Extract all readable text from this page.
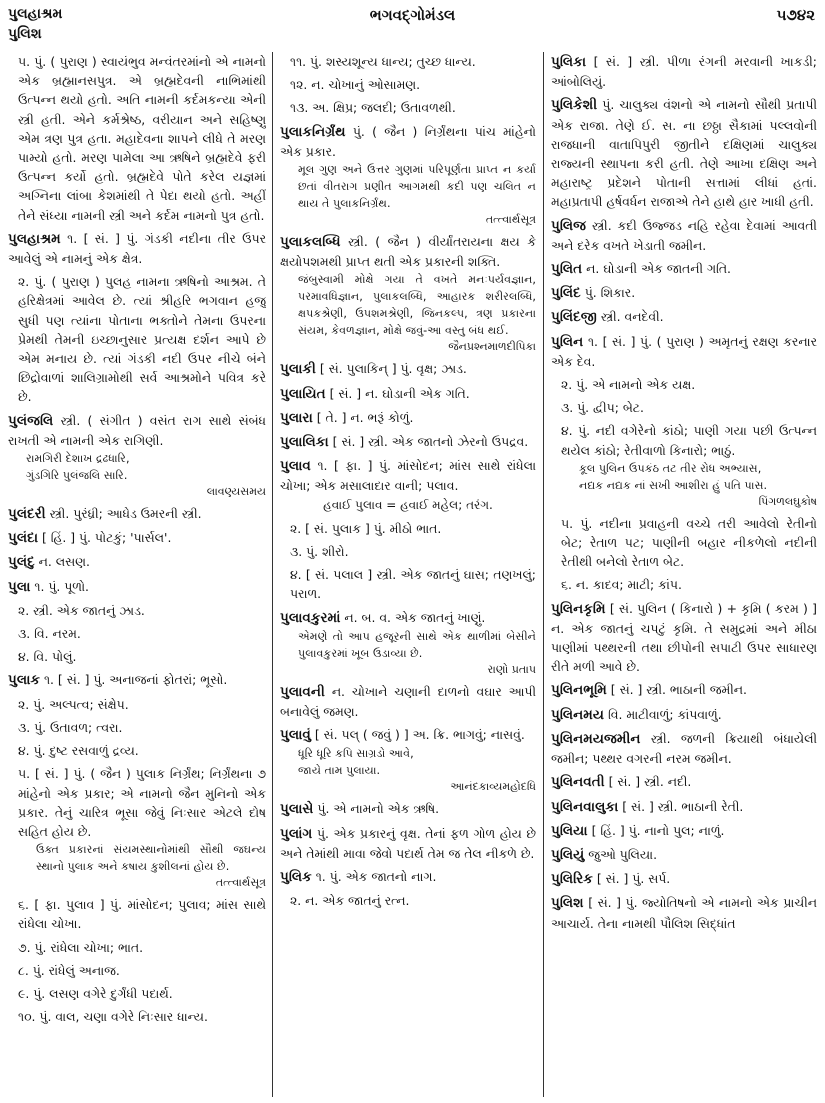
પુલહાશ્રમ
પુલિશ
ભગવદ્ગોમંડલ	૫૭૪૨
૫. પું. ( પુરાણ ) સ્વાયંભુવ મન્વંતરમાંનો એ નામનો એક બ્રહ્માનસપુત્ર. એ બ્રહ્મદેવની નાભિમાંથી ઉત્પન્ન થયો હતો. અતિ નામની કર્દમકન્યા એની સ્ત્રી હતી. એને કર્મશ્રેષ્ઠ, વરીયાન અને સહિષ્ણુ એમ ત્રણ પુત્ર હતા. મહાદેવના શાપને લીધે તે મરણ પામ્યો હતો. મરણ પામેલા આ ઋષિને બ્રહ્મદેવે ફરી ઉત્પન્ન કર્યો હતો. બ્રહ્મદેવે પોતે કરેલ યજ્ઞમાં અગ્નિના લાંબા કેશમાંથી તે પેદા થયો હતો. અહીં તેને સંધ્યા નામની સ્ત્રી અને કર્દમ નામનો પુત્ર હતો.
પુલહાશ્રમ ૧. [ સં. ] પું. ગંડકી નદીના તીર ઉપર આવેલું એ નામનું એક ક્ષેત્ર.
૨. પું. ( પુરાણ ) પુલહ નામના ઋષિનો આશ્રમ. તે હરિક્ષેત્રમાં આવેલ છે. ત્યાં શ્રીહરિ ભગવાન હજુ સુધી પણ ત્યાંના પોતાના ભક્તોને તેમના ઉપરના પ્રેમથી તેમની ઇચ્છાનુસાર પ્રત્યક્ષ દર્શન આપે છે એમ મનાય છે. ત્યાં ગંડકી નદી ઉપર નીચે બંને છિદ્રોવાળાં શાલિગ્રામોથી સર્વ આશ્રમોને પવિત્ર કરે છે.
પુલંજલિ સ્ત્રી. ( સંગીત ) વસંત રાગ સાથે સંબંધ રાખતી એ નામની એક રાગિણી.
રામગિરી દેશાખ દ્રઢધારિ,
ગુંડગિરિ પુલંજલિ સારિ.
લાવણ્યસમય
પુલંદરી સ્ત્રી. પુરંધ્રી; આધેડ ઉમરની સ્ત્રી.
પુલંદા [ હિં. ] પું. પોટકું; 'પાર્સલ'.
પુલંદુ ન. લસણ.
પુલા ૧. પું. પૂળો.
૨. સ્ત્રી. એક જાતનું ઝાડ.
૩. વિ. નરમ.
૪. વિ. પોલું.
પુલાક ૧. [ સં. ] પું. અનાજનાં ફોતરાં; ભૂસો.
૨. પું. અલ્પત્વ; સંક્ષેપ.
૩. પું. ઉતાવળ; ત્વરા.
૪. પું. દુષ્ટ રસવાળું દ્રવ્ય.
૫. [ સં. ] પું. ( જૈન ) પુલાક નિર્ગ્રંથ; નિર્ગ્રંથના ૭ માંહેનો એક પ્રકાર; એ નામનો જૈન મુનિનો એક પ્રકાર. તેનું ચારિત્ર ભૂસા જેવું નિઃસાર એટલે દોષ સહિત હોય છે.
ઉક્ત પ્રકારનાં સંયમસ્થાનોમાંથી સૌથી જઘન્ય સ્થાનો પુલાક અને કષાય કુશીલનાં હોય છે.
તત્ત્વાર્થસૂત્ર
૬. [ ફા. પુલાવ ] પું. માંસોદન; પુલાવ; માંસ સાથે રાંધેલા ચોખા.
૭. પું. રાંધેલા ચોખા; ભાત.
૮. પું. રાંધેલું અનાજ.
૯. પું. લસણ વગેરે દુર્ગંધી પદાર્થ.
૧૦. પું. વાલ, ચણા વગેરે નિઃસાર ધાન્ય.
૧૧. પું. શસ્યશૂન્ય ધાન્ય; તુચ્છ ધાન્ય.
૧૨. ન. ચોખાનું ઓસામણ.
૧૩. અ. ક્ષિપ્ર; જલદી; ઉતાવળથી.
પુલાકનિર્ગ્રંથ પું. ( જૈન ) નિર્ગ્રંથના પાંચ માંહેનો એક પ્રકાર.
મૂલ ગુણ અને ઉત્તર ગુણમાં પરિપૂર્ણતા પ્રાપ્ત ન કર્યા છતાં વીતરાગ પ્રણીત આગમથી કદી પણ ચલિત ન થાય તે પુલાકનિર્ગ્રંથ.
તત્ત્વાર્થસૂત્ર
પુલાકલબ્ધિ સ્ત્રી. ( જૈન ) વીર્યાંતરાયના ક્ષય કે ક્ષયોપશમથી પ્રાપ્ત થતી એક પ્રકારની શક્તિ.
જંબુસ્વામી મોક્ષે ગયા તે વખતે મનઃપર્યવજ્ઞાન, પરમાવધિજ્ઞાન, પુલાકલબ્ધિ, આહારક શરીરલબ્ધિ, ક્ષપકશ્રેણી, ઉપશમશ્રેણી, જિનકલ્પ, ત્રણ પ્રકારના સંયમ, કેવળજ્ઞાન, મોક્ષે જવું-આ વસ્તુ બંધ થઈ.
જૈનપ્રશ્નમાળદીપિકા
પુલાકી [ સં. પુલાકિન્ ] પું. વૃક્ષ; ઝાડ.
પુલાયિત [ સં. ] ન. ઘોડાની એક ગતિ.
પુલારા [ તે. ] ન. ભરૂં કોળું.
પુલાલિકા [ સં. ] સ્ત્રી. એક જાતનો ઝેરનો ઉપદ્રવ.
પુલાવ ૧. [ ફા. ] પું. માંસોદન; માંસ સાથે રાંધેલા ચોખા; એક મસાલાદાર વાની; પલાવ.
હવાઈ પુલાવ = હવાઈ મહેલ; તરંગ.
૨. [ સં. પુલાક ] પું. મીઠો ભાત.
૩. પું. શીરો.
૪. [ સં. પલાલ ] સ્ત્રી. એક જાતનું ઘાસ; તણખલું; પરાળ.
પુલાવકુરમાં ન. બ. વ. એક જાતનું ખાણું.
એમણે તો આપ હજૂરની સાથે એક થાળીમાં બેસીને પુલાવકુરમાં ખૂબ ઉડાવ્યા છે.
રાણો પ્રતાપ
પુલાવની ન. ચોખાને ચણાની દાળનો વઘાર આપી બનાવેલું જમણ.
પુલાવું [ સં. પલ્ ( જવું ) ] અ. ક્રિ. ભાગવું; નાસવું.
ધૂરિ ધૂરિ કપિ સાગ્રડો આવે,
જાયે તામ પુલાયા.
આનંદકાવ્યમહોદધિ
પુલાસે પું. એ નામનો એક ઋષિ.
પુલાંગ પું. એક પ્રકારનું વૃક્ષ. તેનાં ફળ ગોળ હોય છે અને તેમાંથી માવા જેવો પદાર્થ તેમ જ તેલ નીકળે છે.
પુલિક ૧. પું. એક જાતનો નાગ.
૨. ન. એક જાતનું રત્ન.
પુલિકા [ સં. ] સ્ત્રી. પીળા રંગની મરવાની ખાકડી; આંબોલિયું.
પુલિકેશી પું. ચાલુક્ય વંશનો એ નામનો સૌથી પ્રતાપી એક રાજા. તેણે ઈ. સ. ના છઠ્ઠા સૈકામાં પલ્લવોની રાજધાની વાતાપિપુરી જીતીને દક્ષિણમાં ચાલુક્ય રાજ્યની સ્થાપના કરી હતી. તેણે આખા દક્ષિણ અને મહારાષ્ટ્ર પ્રદેશને પોતાની સત્તામાં લીધાં હતાં. મહાપ્રતાપી હર્ષવર્ધન રાજાએ તેને હાથે હાર ખાધી હતી.
પુલિજ સ્ત્રી. કદી ઉજ્જડ નહિ રહેવા દેવામાં આવતી અને દરેક વખતે ખેડાતી જમીન.
પુલિત ન. ઘોડાની એક જાતની ગતિ.
પુલિંદ પું. શિકાર.
પુલિંદજી સ્ત્રી. વનદેવી.
પુલિન ૧. [ સં. ] પું. ( પુરાણ ) અમૃતનું રક્ષણ કરનાર એક દેવ.
૨. પું. એ નામનો એક યક્ષ.
૩. પું. દ્વીપ; બેટ.
૪. પું. નદી વગેરેનો કાંઠો; પાણી ગયા પછી ઉત્પન્ન થયેલ કાંઠો; રેતીવાળો કિનારો; ભાઠું.
કૂલ પુલિન ઉપકંઠ તટ તીર રોધ અભ્યાસ,
નદ્યક નદ્યક નાં સખી આશીરા હું પતિ પાસ.
પિંગળલઘુકોષ
૫. પું. નદીના પ્રવાહની વચ્ચે તરી આવેલો રેતીનો બેટ; રેતાળ પટ; પાણીની બહાર નીકળેલો નદીની રેતીથી બનેલો રેતાળ બેટ.
૬. ન. કાદવ; માટી; કાંપ.
પુલિનકૃમિ [ સં. પુલિન ( કિનારો ) + કૃમિ ( કરમ ) ] ન. એક જાતનું ચપટું કૃમિ. તે સમુદ્રમાં અને મીઠા પાણીમાં પથ્થરની તથા છીપોની સપાટી ઉપર સાધારણ રીતે મળી આવે છે.
પુલિનભૂમિ [ સં. ] સ્ત્રી. ભાઠાની જમીન.
પુલિનમય વિ. માટીવાળું; કાંપવાળું.
પુલિનમયજમીન સ્ત્રી. જળની ક્રિયાથી બંધાયેલી જમીન; પથ્થર વગરની નરમ જમીન.
પુલિનવતી [ સં. ] સ્ત્રી. નદી.
પુલિનવાલુકા [ સં. ] સ્ત્રી. ભાઠાની રેતી.
પુલિયા [ હિં. ] પું. નાનો પુલ; નાળું.
પુલિયું જુઓ પુલિયા.
પુલિરિક [ સં. ] પું. સર્પ.
પુલિશ [ સં. ] પું. જ્યોતિષનો એ નામનો એક પ્રાચીન આચાર્ય. તેના નામથી પૌલિશ સિદ્ધાંત
